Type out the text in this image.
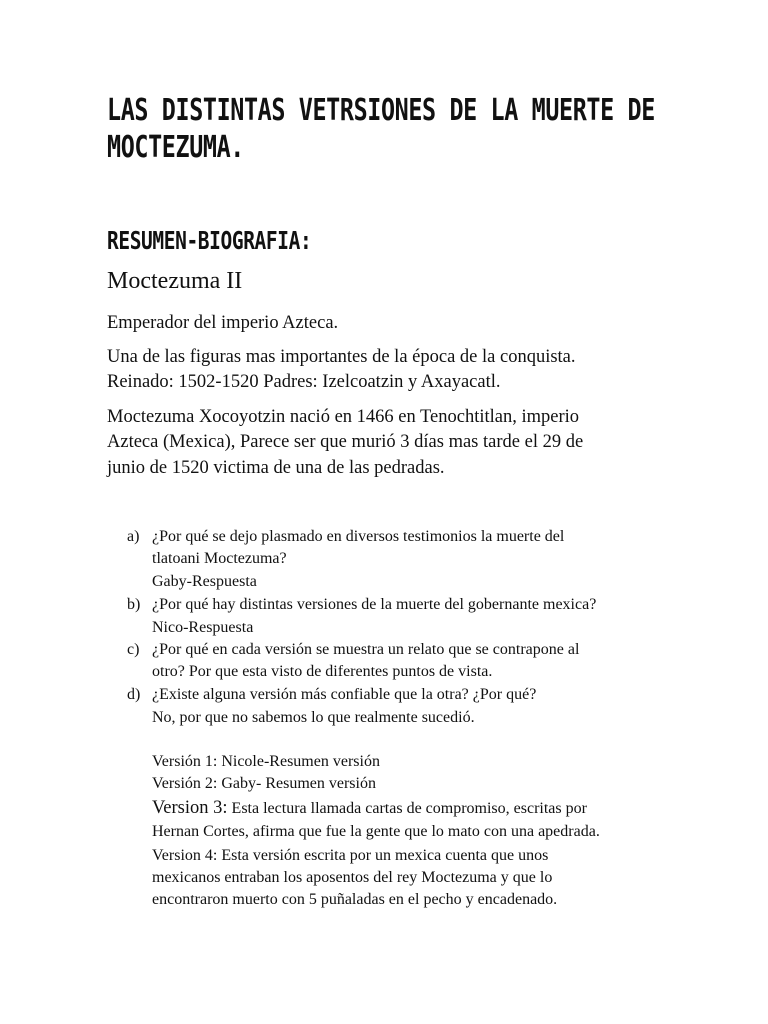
LAS DISTINTAS VETRSIONES DE LA MUERTE DE
MOCTEZUMA.
RESUMEN-BIOGRAFIA:
Moctezuma II
Emperador del imperio Azteca.
Una de las figuras mas importantes de la época de la conquista.
Reinado: 1502-1520 Padres: Izelcoatzin y Axayacatl.
Moctezuma Xocoyotzin nació en 1466 en Tenochtitlan, imperio
Azteca (Mexica), Parece ser que murió 3 días mas tarde el 29 de
junio de 1520 victima de una de las pedradas.
a) ¿Por qué se dejo plasmado en diversos testimonios la muerte del
tlatoani Moctezuma?
Gaby-Respuesta
b) ¿Por qué hay distintas versiones de la muerte del gobernante mexica?
Nico-Respuesta
c) ¿Por qué en cada versión se muestra un relato que se contrapone al
otro? Por que esta visto de diferentes puntos de vista.
d) ¿Existe alguna versión más confiable que la otra? ¿Por qué?
No, por que no sabemos lo que realmente sucedió.
Versión 1: Nicole-Resumen versión
Versión 2: Gaby- Resumen versión
Version 3: Esta lectura llamada cartas de compromiso, escritas por
Hernan Cortes, afirma que fue la gente que lo mato con una apedrada.
Version 4: Esta versión escrita por un mexica cuenta que unos
mexicanos entraban los aposentos del rey Moctezuma y que lo
encontraron muerto con 5 puñaladas en el pecho y encadenado.
